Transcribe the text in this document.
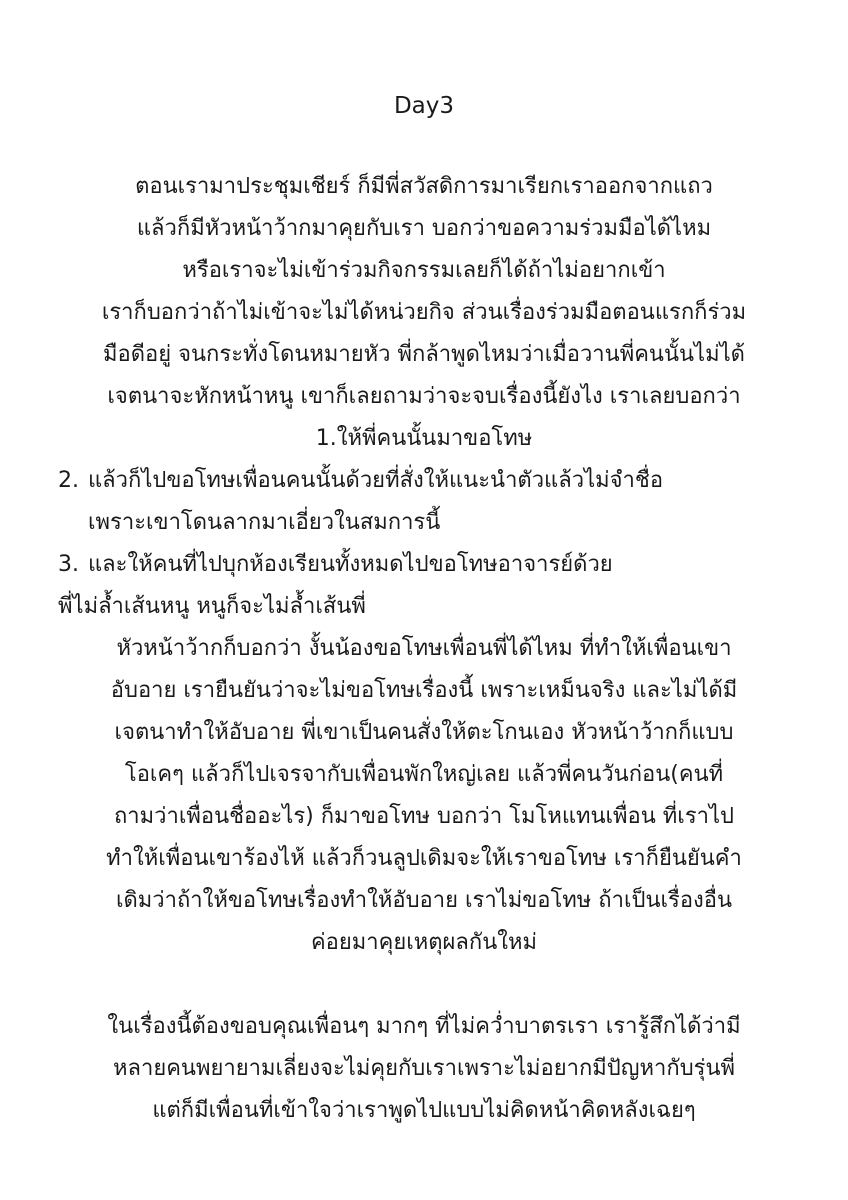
Day3
ตอนเรามาประชุมเชียร์ ก็มีพี่สวัสดิการมาเรียกเราออกจากแถว
แล้วก็มีหัวหน้าว้ากมาคุยกับเรา บอกว่าขอความร่วมมือได้ไหม
หรือเราจะไม่เข้าร่วมกิจกรรมเลยก็ได้ถ้าไม่อยากเข้า
เราก็บอกว่าถ้าไม่เข้าจะไม่ได้หน่วยกิจ ส่วนเรื่องร่วมมือตอนแรกก็ร่วม
มือดีอยู่ จนกระทั่งโดนหมายหัว พี่กล้าพูดไหมว่าเมื่อวานพี่คนนั้นไม่ได้
เจตนาจะหักหน้าหนู เขาก็เลยถามว่าจะจบเรื่องนี้ยังไง เราเลยบอกว่า
1.ให้พี่คนนั้นมาขอโทษ
2. แล้วก็ไปขอโทษเพื่อนคนนั้นด้วยที่สั่งให้แนะนำตัวแล้วไม่จำชื่อ
เพราะเขาโดนลากมาเอี่ยวในสมการนี้
3. และให้คนที่ไปบุกห้องเรียนทั้งหมดไปขอโทษอาจารย์ด้วย
พี่ไม่ล้ำเส้นหนู หนูก็จะไม่ล้ำเส้นพี่
หัวหน้าว้ากก็บอกว่า งั้นน้องขอโทษเพื่อนพี่ได้ไหม ที่ทำให้เพื่อนเขา
อับอาย เรายืนยันว่าจะไม่ขอโทษเรื่องนี้ เพราะเหม็นจริง และไม่ได้มี
เจตนาทำให้อับอาย พี่เขาเป็นคนสั่งให้ตะโกนเอง หัวหน้าว้ากก็แบบ
โอเคๆ แล้วก็ไปเจรจากับเพื่อนพักใหญ่เลย แล้วพี่คนวันก่อน(คนที่
ถามว่าเพื่อนชื่ออะไร) ก็มาขอโทษ บอกว่า โมโหแทนเพื่อน ที่เราไป
ทำให้เพื่อนเขาร้องไห้ แล้วก็วนลูปเดิมจะให้เราขอโทษ เราก็ยืนยันคำ
เดิมว่าถ้าให้ขอโทษเรื่องทำให้อับอาย เราไม่ขอโทษ ถ้าเป็นเรื่องอื่น
ค่อยมาคุยเหตุผลกันใหม่
ในเรื่องนี้ต้องขอบคุณเพื่อนๆ มากๆ ที่ไม่คว่ำบาตรเรา เรารู้สึกได้ว่ามี
หลายคนพยายามเลี่ยงจะไม่คุยกับเราเพราะไม่อยากมีปัญหากับรุ่นพี่
แต่ก็มีเพื่อนที่เข้าใจว่าเราพูดไปแบบไม่คิดหน้าคิดหลังเฉยๆ
